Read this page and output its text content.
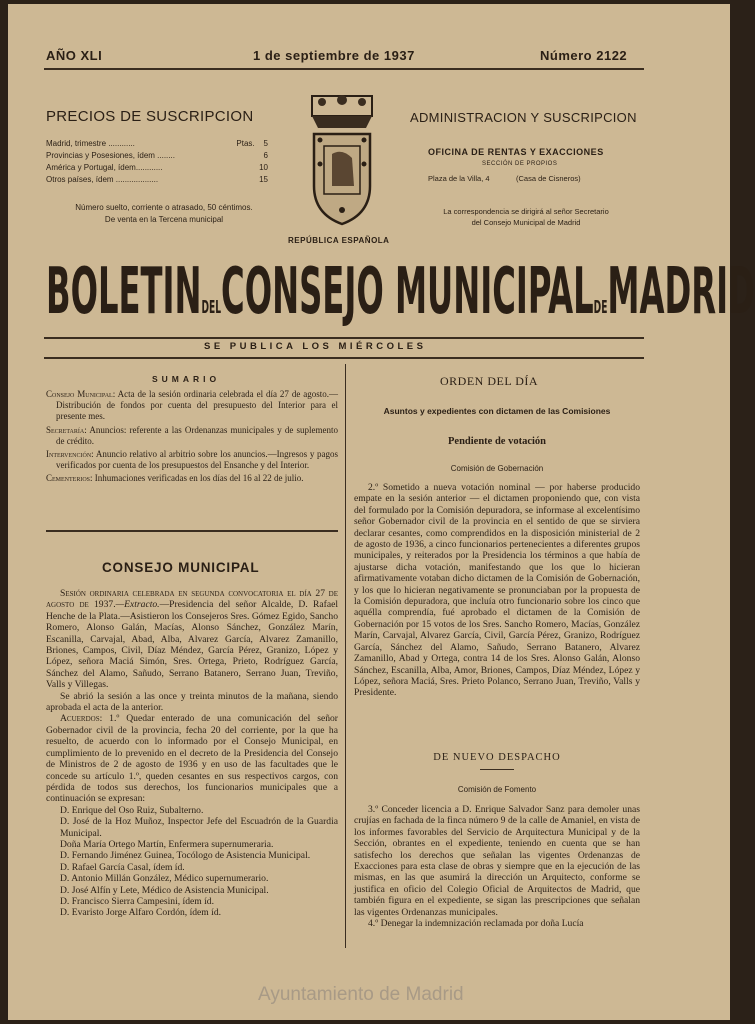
AÑO XLI	1 de septiembre de 1937	Número 2122
PRECIOS DE SUSCRIPCION
Madrid, trimestre ............	Ptas. 5
Provincias y Posesiones, ídem ........	6
América y Portugal, ídem............	10
Otros países, ídem ...................	15
Número suelto, corriente o atrasado, 50 céntimos.
De venta en la Tercena municipal
ADMINISTRACION Y SUSCRIPCION
OFICINA DE RENTAS Y EXACCIONES
SECCIÓN DE PROPIOS
Plaza de la Villa, 4	(Casa de Cisneros)
La correspondencia se dirigirá al señor Secretario
del Consejo Municipal de Madrid
REPÚBLICA ESPAÑOLA
BOLETINDELCONSEJO MUNICIPALDEMADRID
SE PUBLICA LOS MIÉRCOLES
SUMARIO

Consejo Municipal: Acta de la sesión ordinaria celebrada el día 27 de agosto.—Distribución de fondos por cuenta del presupuesto del Interior para el presente mes.

Secretaría: Anuncios: referente a las Ordenanzas municipales y de suplemento de crédito.

Intervención: Anuncio relativo al arbitrio sobre los anuncios.—Ingresos y pagos verificados por cuenta de los presupuestos del Ensanche y del Interior.

Cementerios: Inhumaciones verificadas en los días del 16 al 22 de julio.

CONSEJO MUNICIPAL

Sesión ordinaria celebrada en segunda convocatoria el día 27 de agosto de 1937.—Extracto.—Presidencia del señor Alcalde, D. Rafael Henche de la Plata.—Asistieron los Consejeros Sres. Gómez Egido, Sancho Romero, Alonso Galán, Macías, Alonso Sánchez, González Marín, Escanilla, Carvajal, Abad, Alba, Alvarez García, Alvarez Zamanillo, Briones, Campos, Civil, Díaz Méndez, García Pérez, Granizo, López y López, señora Maciá Simón, Sres. Ortega, Prieto, Rodríguez García, Sánchez del Alamo, Sañudo, Serrano Batanero, Serrano Juan, Treviño, Valls y Villegas.

Se abrió la sesión a las once y treinta minutos de la mañana, siendo aprobada el acta de la anterior.

Acuerdos: 1.º Quedar enterado de una comunicación del señor Gobernador civil de la provincia, fecha 20 del corriente, por la que ha resuelto, de acuerdo con lo informado por el Consejo Municipal, en cumplimiento de lo prevenido en el decreto de la Presidencia del Consejo de Ministros de 2 de agosto de 1936 y en uso de las facultades que le concede su artículo 1.º, queden cesantes en sus respectivos cargos, con pérdida de todos sus derechos, los funcionarios municipales que a continuación se expresan:

D. Enrique del Oso Ruiz, Subalterno.

D. José de la Hoz Muñoz, Inspector Jefe del Escuadrón de la Guardia Municipal.

Doña María Ortego Martín, Enfermera supernumeraria.

D. Fernando Jiménez Guinea, Tocólogo de Asistencia Municipal.

D. Rafael García Casal, ídem íd.

D. Antonio Millán González, Médico supernumerario.

D. José Alfín y Lete, Médico de Asistencia Municipal.

D. Francisco Sierra Campesini, ídem íd.

D. Evaristo Jorge Alfaro Cordón, ídem íd.

ORDEN DEL DÍA
Asuntos y expedientes con dictamen de las Comisiones
Pendiente de votación
Comisión de Gobernación

2.º Sometido a nueva votación nominal — por haberse producido empate en la sesión anterior — el dictamen proponiendo que, con vista del formulado por la Comisión depuradora, se informase al excelentísimo señor Gobernador civil de la provincia en el sentido de que se sirviera declarar cesantes, como comprendidos en la disposición ministerial de 2 de agosto de 1936, a cinco funcionarios pertenecientes a diferentes grupos municipales, y reiterados por la Presidencia los términos a que había de ajustarse dicha votación, manifestando que los que lo hicieran afirmativamente votaban dicho dictamen de la Comisión de Gobernación, y los que lo hicieran negativamente se pronunciaban por la propuesta de la Comisión depuradora, que incluía otro funcionario sobre los cinco que aquélla comprendía, fué aprobado el dictamen de la Comisión de Gobernación por 15 votos de los Sres. Sancho Romero, Macías, González Marín, Carvajal, Alvarez García, Civil, García Pérez, Granizo, Rodríguez García, Sánchez del Alamo, Sañudo, Serrano Batanero, Alvarez Zamanillo, Abad y Ortega, contra 14 de los Sres. Alonso Galán, Alonso Sánchez, Escanilla, Alba, Amor, Briones, Campos, Díaz Méndez, López y López, señora Maciá, Sres. Prieto Polanco, Serrano Juan, Treviño, Valls y Presidente.

DE NUEVO DESPACHO
Comisión de Fomento

3.º Conceder licencia a D. Enrique Salvador Sanz para demoler unas crujías en fachada de la finca número 9 de la calle de Amaniel, en vista de los informes favorables del Servicio de Arquitectura Municipal y de la Sección, obrantes en el expediente, teniendo en cuenta que se han satisfecho los derechos que señalan las vigentes Ordenanzas de Exacciones para esta clase de obras y siempre que en la ejecución de las mismas, en las que asumirá la dirección un Arquitecto, conforme se justifica en oficio del Colegio Oficial de Arquitectos de Madrid, que también figura en el expediente, se sigan las prescripciones que señalan las vigentes Ordenanzas municipales.

4.º Denegar la indemnización reclamada por doña Lucía

Ayuntamiento de Madrid
